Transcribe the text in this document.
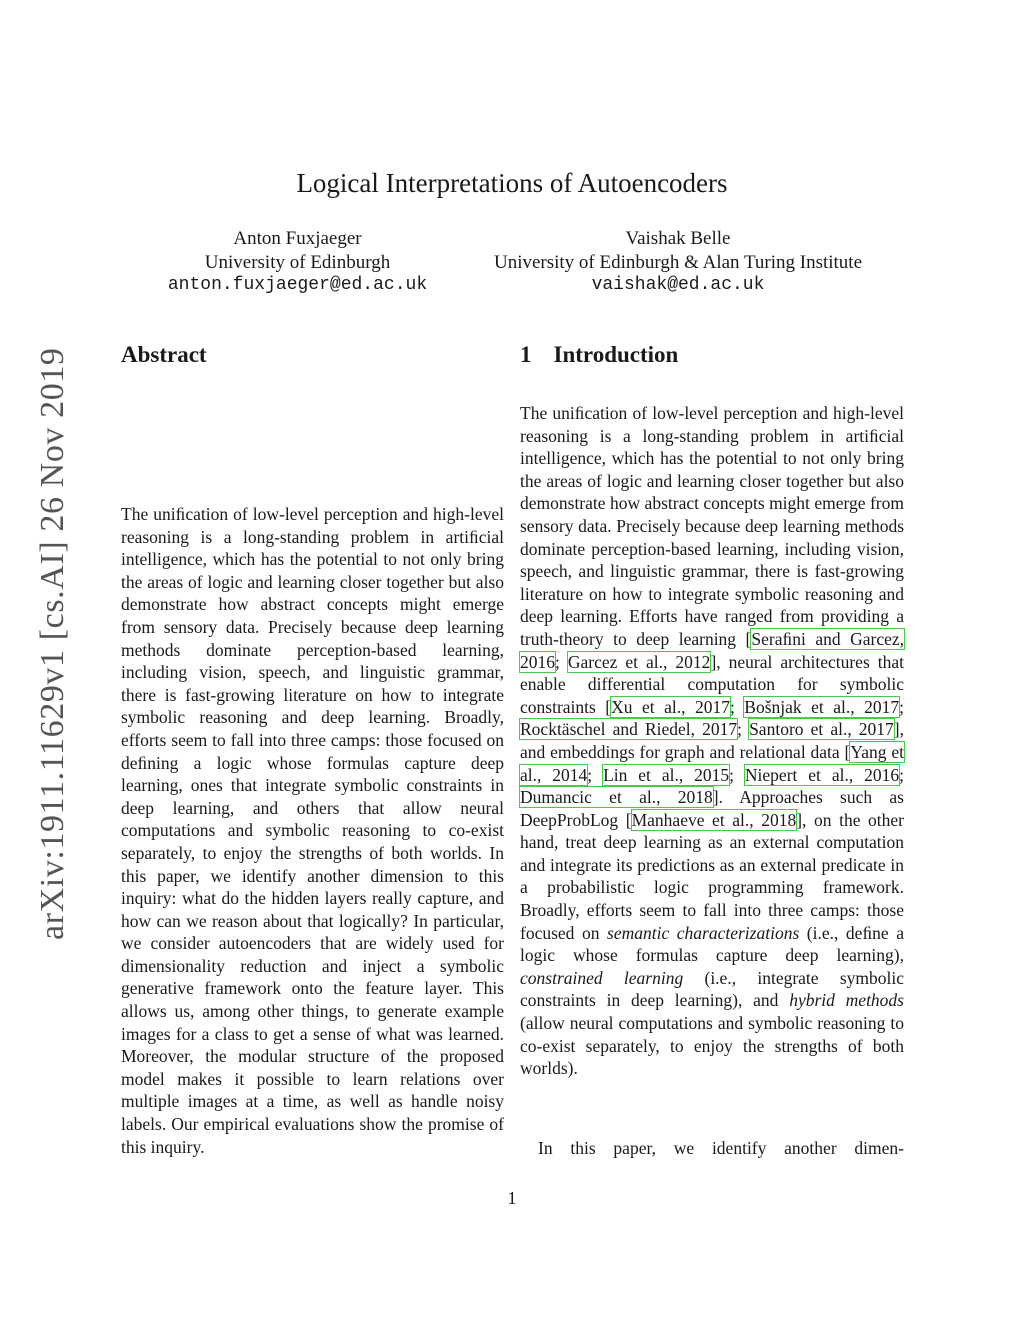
arXiv:1911.11629v1 [cs.AI] 26 Nov 2019
Logical Interpretations of Autoencoders
Anton Fuxjaeger
University of Edinburgh
anton.fuxjaeger@ed.ac.uk
Vaishak Belle
University of Edinburgh & Alan Turing Institute
vaishak@ed.ac.uk
Abstract
The uniﬁcation of low-level perception and high-level reasoning is a long-standing problem in artiﬁcial intelligence, which has the potential to not only bring the areas of logic and learning closer together but also demonstrate how abstract concepts might emerge from sensory data. Precisely because deep learning methods dominate perception-based learning, including vision, speech, and linguistic grammar, there is fast-growing literature on how to integrate symbolic reasoning and deep learning. Broadly, efforts seem to fall into three camps: those focused on deﬁning a logic whose formulas capture deep learning, ones that integrate symbolic constraints in deep learning, and others that allow neural computations and symbolic reasoning to co-exist separately, to enjoy the strengths of both worlds. In this paper, we identify another dimension to this inquiry: what do the hidden layers really capture, and how can we reason about that logically? In particular, we consider autoencoders that are widely used for dimensionality reduction and inject a symbolic generative framework onto the feature layer. This allows us, among other things, to generate example images for a class to get a sense of what was learned. Moreover, the modular structure of the proposed model makes it possible to learn relations over multiple images at a time, as well as handle noisy labels. Our empirical evaluations show the promise of this inquiry.
1 Introduction
The uniﬁcation of low-level perception and high-level reasoning is a long-standing problem in artiﬁcial intelligence, which has the potential to not only bring the areas of logic and learning closer together but also demonstrate how abstract concepts might emerge from sensory data. Precisely because deep learning methods dominate perception-based learning, including vision, speech, and linguistic grammar, there is fast-growing literature on how to integrate symbolic reasoning and deep learning. Efforts have ranged from providing a truth-theory to deep learning [Seraﬁni and Garcez, 2016; Garcez et al., 2012], neural architectures that enable differential computation for symbolic constraints [Xu et al., 2017; Bošnjak et al., 2017; Rocktäschel and Riedel, 2017; Santoro et al., 2017], and embeddings for graph and relational data [Yang et al., 2014; Lin et al., 2015; Niepert et al., 2016; Dumancic et al., 2018]. Approaches such as DeepProbLog [Manhaeve et al., 2018], on the other hand, treat deep learning as an external computation and integrate its predictions as an external predicate in a probabilistic logic programming framework. Broadly, efforts seem to fall into three camps: those focused on semantic characterizations (i.e., deﬁne a logic whose formulas capture deep learning), constrained learning (i.e., integrate symbolic constraints in deep learning), and hybrid methods (allow neural computations and symbolic reasoning to co-exist separately, to enjoy the strengths of both worlds).
In this paper, we identify another dimen-
1
